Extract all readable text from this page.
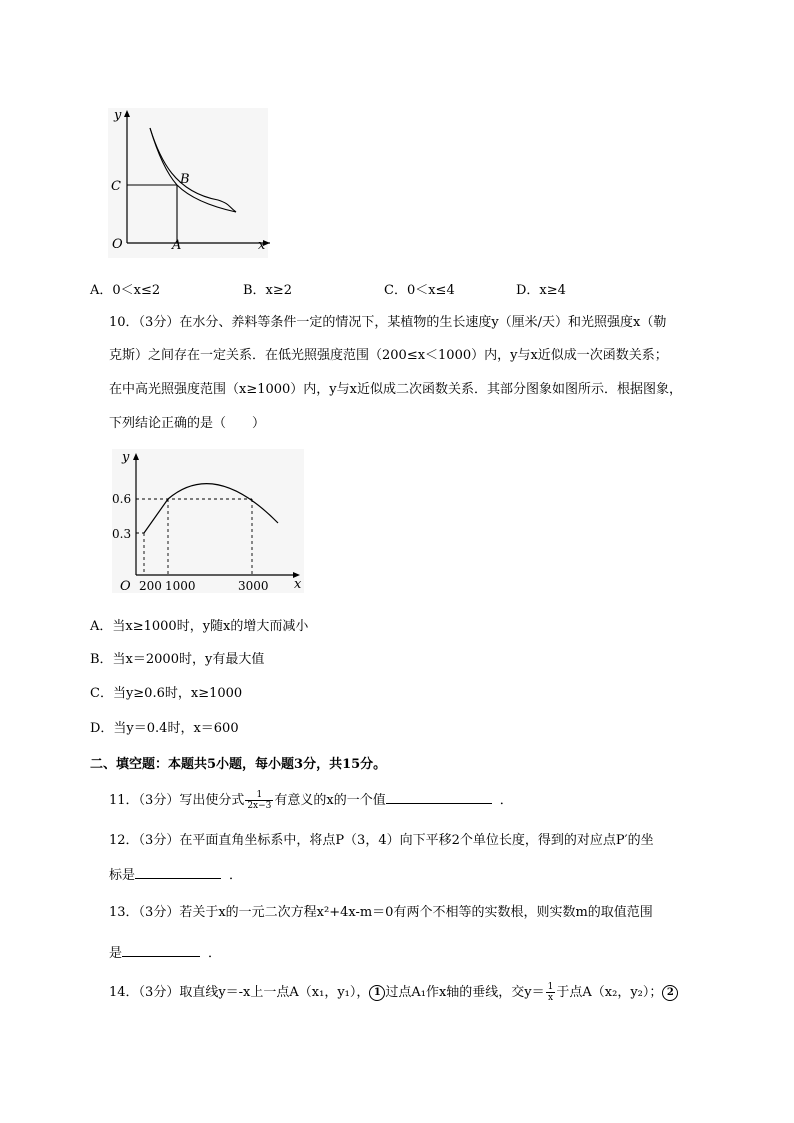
y
x
O	A
B
C
A．0＜x≤2	B．x≥2	C．0＜x≤4	D．x≥4
10．（3分）在水分、养料等条件一定的情况下，某植物的生长速度y（厘米/天）和光照强度x（勒
克斯）之间存在一定关系．在低光照强度范围（200≤x＜1000）内，y与x近似成一次函数关系；
在中高光照强度范围（x≥1000）内，y与x近似成二次函数关系．其部分图象如图所示．根据图象，
下列结论正确的是（　　）
y
x
O
0.6
0.3
200 1000	3000
A．当x≥1000时，y随x的增大而减小
B．当x＝2000时，y有最大值
C．当y≥0.6时，x≥1000
D．当y＝0.4时，x＝600
二、填空题：本题共5小题，每小题3分，共15分。
11．（3分）写出使分式 $\frac{1}{2x-3}$ 有意义的x的一个值	．
12．（3分）在平面直角坐标系中，将点P（3，4）向下平移2个单位长度，得到的对应点P′的坐
标是	．
13．（3分）若关于x的一元二次方程x²+4x-m＝0有两个不相等的实数根，则实数m的取值范围
是	．
14．（3分）取直线y＝-x上一点A（x₁，y₁）， 1 过点A₁作x轴的垂线，交$y= \frac{1}{x}$ 于点A（x₂，y₂）； 2
